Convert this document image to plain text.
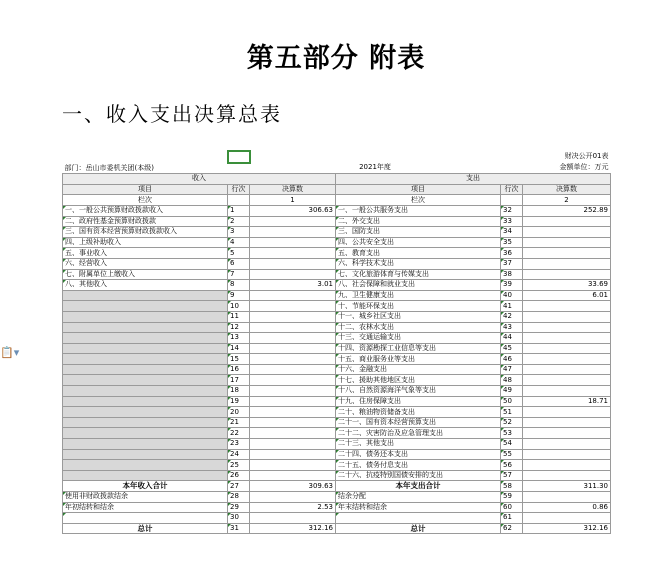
第五部分 附表
一、收入支出决算总表
📋▾
					财决公开01表
部门：岳山市委机关团(本级)		2021年度			金额单位：万元
收入			支出		
项目	行次	决算数	项目	行次	决算数
栏次		1	栏次		2
一、一般公共预算财政拨款收入	1	306.63	一、一般公共服务支出	32	252.89
二、政府性基金预算财政拨款	2		二、外交支出	33	
三、国有资本经营预算财政拨款收入	3		三、国防支出	34	
四、上级补助收入	4		四、公共安全支出	35	
五、事业收入	5		五、教育支出	36	
六、经营收入	6		六、科学技术支出	37	
七、附属单位上缴收入	7		七、文化旅游体育与传媒支出	38	
八、其他收入	8	3.01	八、社会保障和就业支出	39	33.69
	9		九、卫生健康支出	40	6.01
	10		十、节能环保支出	41	
	11		十一、城乡社区支出	42	
	12		十二、农林水支出	43	
	13		十三、交通运输支出	44	
	14		十四、资源勘探工业信息等支出	45	
	15		十五、商业服务业等支出	46	
	16		十六、金融支出	47	
	17		十七、援助其他地区支出	48	
	18		十八、自然资源海洋气象等支出	49	
	19		十九、住房保障支出	50	18.71
	20		二十、粮油物资储备支出	51	
	21		二十一、国有资本经营预算支出	52	
	22		二十二、灾害防治及应急管理支出	53	
	23		二十三、其他支出	54	
	24		二十四、债务还本支出	55	
	25		二十五、债务付息支出	56	
	26		二十六、抗疫特别国债安排的支出	57	
本年收入合计	27	309.63	本年支出合计	58	311.30
使用非财政拨款结余	28		结余分配	59	
年初结转和结余	29	2.53	年末结转和结余	60	0.86
	30			61	
总计	31	312.16	总计	62	312.16
